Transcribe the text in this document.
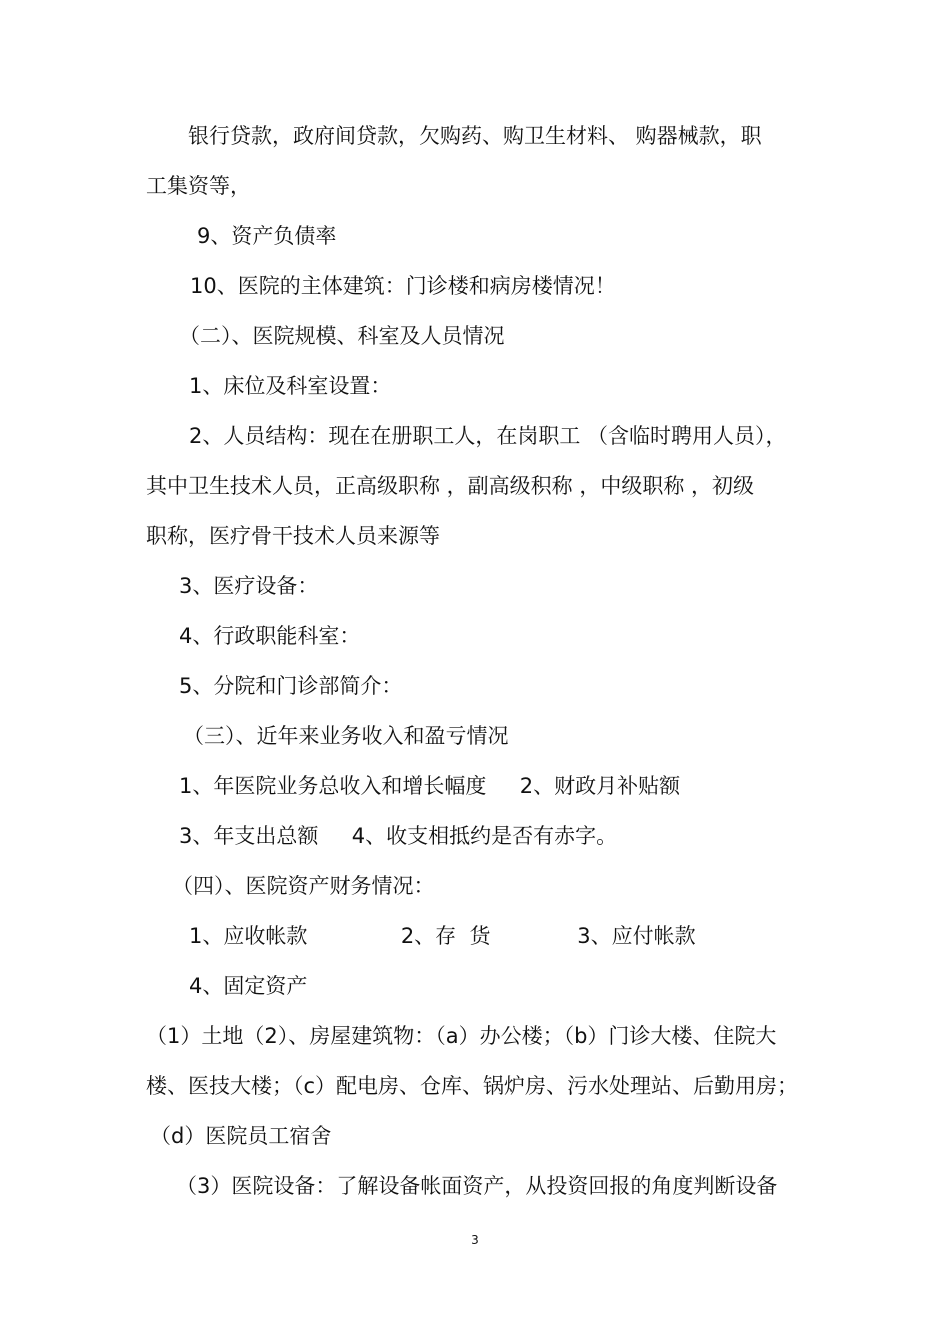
银行贷款，政府间贷款，欠购药、购卫生材料、 购器械款，职
工集资等，
9、资产负债率
10、医院的主体建筑：门诊楼和病房楼情况！
（二）、医院规模、科室及人员情况
1、床位及科室设置：
2、人员结构：现在在册职工人，在岗职工 （含临时聘用人员），
其中卫生技术人员，正高级职称 ，副高级积称 ，中级职称 ，初级
职称，医疗骨干技术人员来源等
3、医疗设备：
4、行政职能科室：
5、分院和门诊部简介：
（三）、近年来业务收入和盈亏情况
1、年医院业务总收入和增长幅度     2、财政月补贴额
3、年支出总额     4、收支相抵约是否有赤字。
（四）、医院资产财务情况：
1、应收帐款              2、存  货             3、应付帐款
4、固定资产
（1）土地（2）、房屋建筑物：（a）办公楼；（b）门诊大楼、住院大
楼、医技大楼；（c）配电房、仓库、锅炉房、污水处理站、后勤用房；
（d）医院员工宿舍
（3）医院设备：了解设备帐面资产，从投资回报的角度判断设备
3
